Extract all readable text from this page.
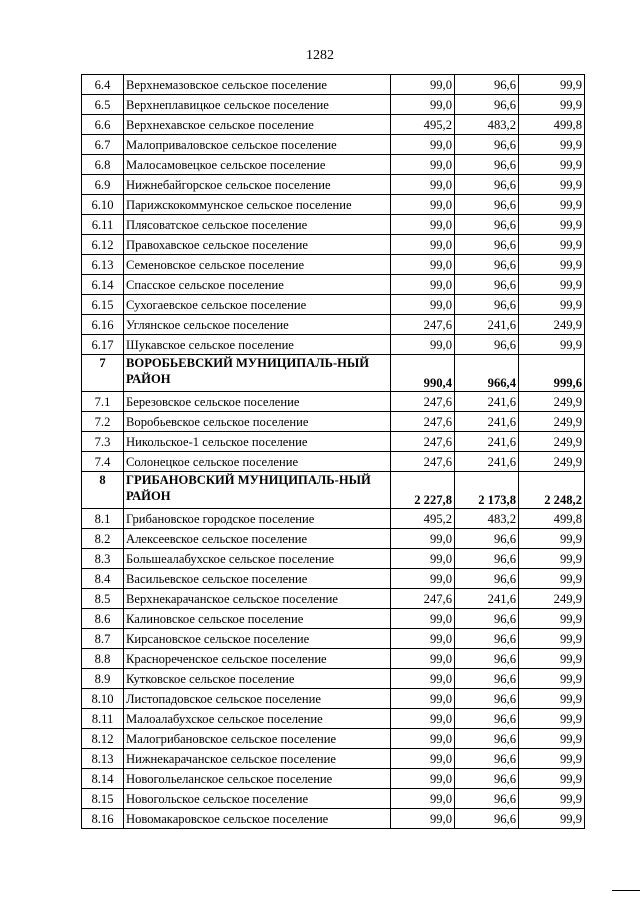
1282
6.4	Верхнемазовское сельское поселение	99,0	96,6	99,9
6.5	Верхнеплавицкое сельское поселение	99,0	96,6	99,9
6.6	Верхнехавское сельское поселение	495,2	483,2	499,8
6.7	Малоприваловское сельское поселение	99,0	96,6	99,9
6.8	Малосамовецкое сельское поселение	99,0	96,6	99,9
6.9	Нижнебайгорское сельское поселение	99,0	96,6	99,9
6.10	Парижскокоммунское сельское поселение	99,0	96,6	99,9
6.11	Плясоватское сельское поселение	99,0	96,6	99,9
6.12	Правохавское сельское поселение	99,0	96,6	99,9
6.13	Семеновское сельское поселение	99,0	96,6	99,9
6.14	Спасское сельское поселение	99,0	96,6	99,9
6.15	Сухогаевское сельское поселение	99,0	96,6	99,9
6.16	Углянское сельское поселение	247,6	241,6	249,9
6.17	Шукавское сельское поселение	99,0	96,6	99,9
7	ВОРОБЬЕВСКИЙ МУНИЦИПАЛЬ-НЫЙ РАЙОН	990,4	966,4	999,6
7.1	Березовское сельское поселение	247,6	241,6	249,9
7.2	Воробьевское сельское поселение	247,6	241,6	249,9
7.3	Никольское-1 сельское поселение	247,6	241,6	249,9
7.4	Солонецкое сельское поселение	247,6	241,6	249,9
8	ГРИБАНОВСКИЙ МУНИЦИПАЛЬ-НЫЙ РАЙОН	2 227,8	2 173,8	2 248,2
8.1	Грибановское городское поселение	495,2	483,2	499,8
8.2	Алексеевское сельское поселение	99,0	96,6	99,9
8.3	Большеалабухское сельское поселение	99,0	96,6	99,9
8.4	Васильевское сельское поселение	99,0	96,6	99,9
8.5	Верхнекарачанское сельское поселение	247,6	241,6	249,9
8.6	Калиновское сельское поселение	99,0	96,6	99,9
8.7	Кирсановское сельское поселение	99,0	96,6	99,9
8.8	Краснореченское сельское поселение	99,0	96,6	99,9
8.9	Кутковское сельское поселение	99,0	96,6	99,9
8.10	Листопадовское сельское поселение	99,0	96,6	99,9
8.11	Малоалабухское сельское поселение	99,0	96,6	99,9
8.12	Малогрибановское сельское поселение	99,0	96,6	99,9
8.13	Нижнекарачанское сельское поселение	99,0	96,6	99,9
8.14	Новогольеланское сельское поселение	99,0	96,6	99,9
8.15	Новогольское сельское поселение	99,0	96,6	99,9
8.16	Новомакаровское сельское поселение	99,0	96,6	99,9
